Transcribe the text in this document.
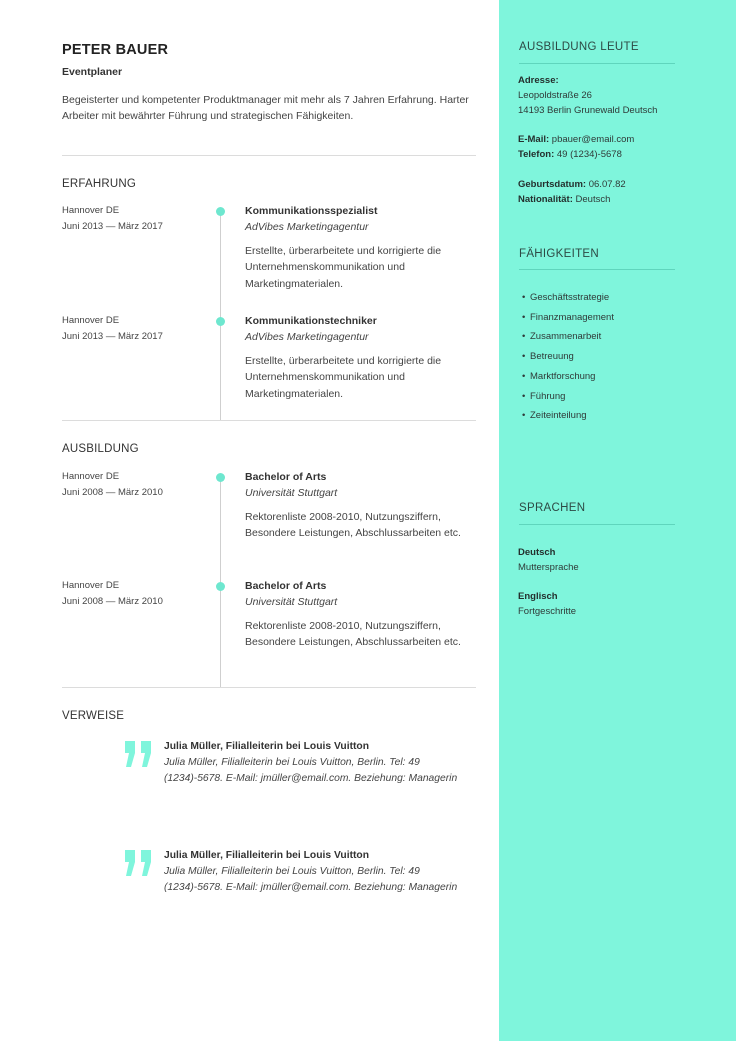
PETER BAUER
Eventplaner
Begeisterter und kompetenter Produktmanager mit mehr als 7 Jahren Erfahrung. Harter Arbeiter mit bewährter Führung und strategischen Fähigkeiten.
ERFAHRUNG
Hannover DE
Juni 2013 — März 2017
Kommunikationsspezialist
AdVibes Marketingagentur
Erstellte, ürberarbeitete und korrigierte die Unternehmenskommunikation und Marketingmaterialen.
Hannover DE
Juni 2013 — März 2017
Kommunikationstechniker
AdVibes Marketingagentur
Erstellte, ürberarbeitete und korrigierte die Unternehmenskommunikation und Marketingmaterialen.
AUSBILDUNG
Hannover DE
Juni 2008 — März 2010
Bachelor of Arts
Universität Stuttgart
Rektorenliste 2008-2010, Nutzungsziffern, Besondere Leistungen, Abschlussarbeiten etc.
Hannover DE
Juni 2008 — März 2010
Bachelor of Arts
Universität Stuttgart
Rektorenliste 2008-2010, Nutzungsziffern, Besondere Leistungen, Abschlussarbeiten etc.
VERWEISE
Julia Müller, Filialleiterin bei Louis Vuitton
Julia Müller, Filialleiterin bei Louis Vuitton, Berlin. Tel: 49 (1234)-5678. E-Mail: jmüller@email.com. Beziehung: Managerin
Julia Müller, Filialleiterin bei Louis Vuitton
Julia Müller, Filialleiterin bei Louis Vuitton, Berlin. Tel: 49 (1234)-5678. E-Mail: jmüller@email.com. Beziehung: Managerin
AUSBILDUNG LEUTE
Adresse:
Leopoldstraße 26
14193 Berlin Grunewald Deutsch
E-Mail: pbauer@email.com
Telefon: 49 (1234)-5678
Geburtsdatum: 06.07.82
Nationalität: Deutsch
FÄHIGKEITEN
• Geschäftsstrategie
• Finanzmanagement
• Zusammenarbeit
• Betreuung
• Marktforschung
• Führung
• Zeiteinteilung
SPRACHEN
Deutsch
Muttersprache
Englisch
Fortgeschritte
